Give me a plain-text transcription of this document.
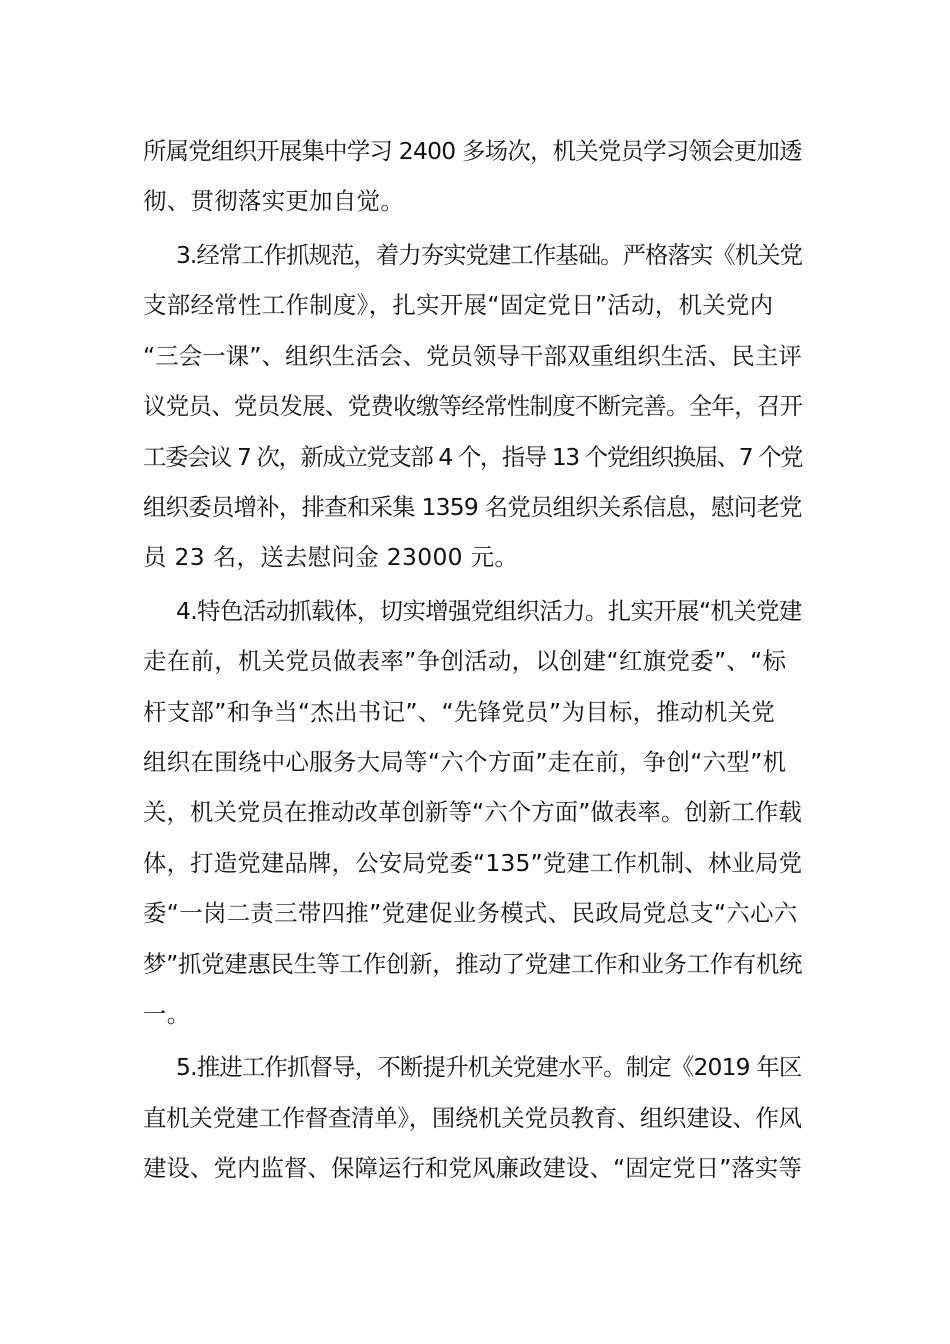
所属党组织开展集中学习 2400 多场次，机关党员学习领会更加透

彻、贯彻落实更加自觉。

3.经常工作抓规范，着力夯实党建工作基础。严格落实《机关党

支部经常性工作制度》，扎实开展“固定党日”活动，机关党内

“三会一课”、组织生活会、党员领导干部双重组织生活、民主评

议党员、党员发展、党费收缴等经常性制度不断完善。全年，召开

工委会议 7 次，新成立党支部 4 个，指导 13 个党组织换届、7 个党

组织委员增补，排查和采集 1359 名党员组织关系信息，慰问老党

员 23 名，送去慰问金 23000 元。

4.特色活动抓载体，切实增强党组织活力。扎实开展“机关党建

走在前，机关党员做表率”争创活动，以创建“红旗党委”、“标

杆支部”和争当“杰出书记”、“先锋党员”为目标，推动机关党

组织在围绕中心服务大局等“六个方面”走在前，争创“六型”机

关，机关党员在推动改革创新等“六个方面”做表率。创新工作载

体，打造党建品牌，公安局党委“135”党建工作机制、林业局党

委“一岗二责三带四推”党建促业务模式、民政局党总支“六心六

梦”抓党建惠民生等工作创新，推动了党建工作和业务工作有机统

一。

5.推进工作抓督导，不断提升机关党建水平。制定《2019 年区

直机关党建工作督查清单》，围绕机关党员教育、组织建设、作风

建设、党内监督、保障运行和党风廉政建设、“固定党日”落实等
